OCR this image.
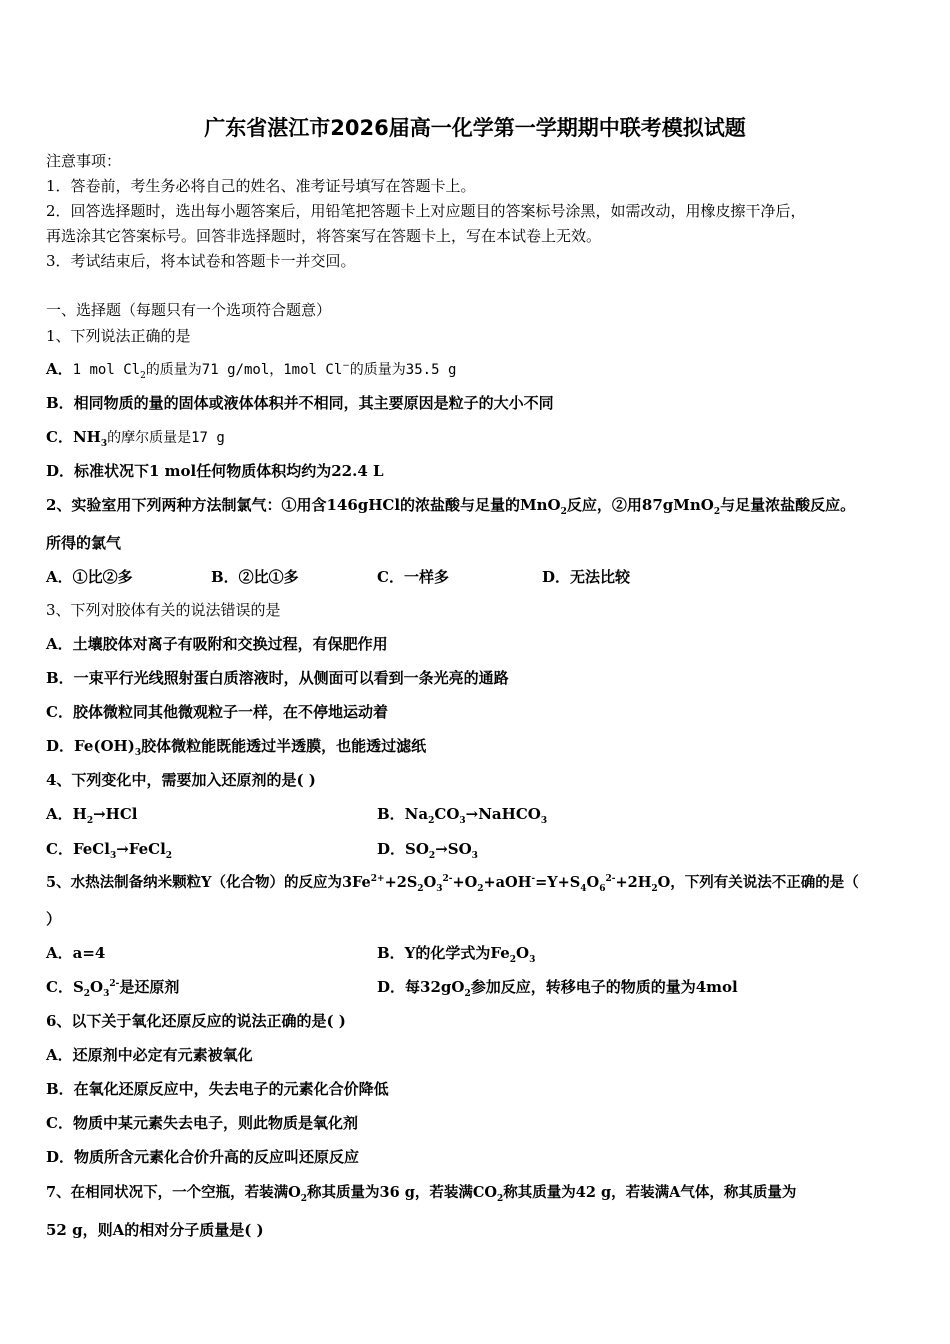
广东省湛江市2026届高一化学第一学期期中联考模拟试题
注意事项：
1．答卷前，考生务必将自己的姓名、准考证号填写在答题卡上。
2．回答选择题时，选出每小题答案后，用铅笔把答题卡上对应题目的答案标号涂黑，如需改动，用橡皮擦干净后，
再选涂其它答案标号。回答非选择题时，将答案写在答题卡上，写在本试卷上无效。
3．考试结束后，将本试卷和答题卡一并交回。
一、选择题（每题只有一个选项符合题意）
1、下列说法正确的是
A．1 mol $Cl_2$的质量为71 g/mol，1mol Cl−的质量为35.5 g
B．相同物质的量的固体或液体体积并不相同，其主要原因是粒子的大小不同
C．$NH_3$的摩尔质量是17 g
D．标准状况下1 mol任何物质体积均约为22.4 L
2、实验室用下列两种方法制氯气：①用含146gHCl的浓盐酸与足量的MnO$_2$反应，②用87gMnO$_2$与足量浓盐酸反应。
所得的氯气
A．①比②多	B．②比①多	C．一样多	D．无法比较
3、下列对胶体有关的说法错误的是
A．土壤胶体对离子有吸附和交换过程，有保肥作用
B．一束平行光线照射蛋白质溶液时，从侧面可以看到一条光亮的通路
C．胶体微粒同其他微观粒子一样，在不停地运动着
D．$Fe(OH)_3$胶体微粒能既能透过半透膜，也能透过滤纸
4、下列变化中，需要加入还原剂的是( )
A．$H_2\to HCl$	B．$Na_2CO_3\to NaHCO_3$
C．FeCl$_3$→FeCl$_2$	D．$SO_2\to SO_3$
5、水热法制备纳米颗粒Y（化合物）的反应为$3Fe^{2+}+2S_2O_3^{2-}+O_2+aOH^-=Y+S_4O_6^{2-}+2H_2O$，下列有关说法不正确的是（
）
A．a=4	B．Y的化学式为$Fe_2O_3$
C．$S_2O_3^{2-}$是还原剂	D．每$32gO_2$参加反应，转移电子的物质的量为4mol
6、以下关于氧化还原反应的说法正确的是( )
A．还原剂中必定有元素被氧化
B．在氧化还原反应中，失去电子的元素化合价降低
C．物质中某元素失去电子，则此物质是氧化剂
D．物质所含元素化合价升高的反应叫还原反应
7、在相同状况下，一个空瓶，若装满$O_2$称其质量为36 g，若装满$CO_2$称其质量为42 g，若装满A气体，称其质量为
52 g，则A的相对分子质量是( )
